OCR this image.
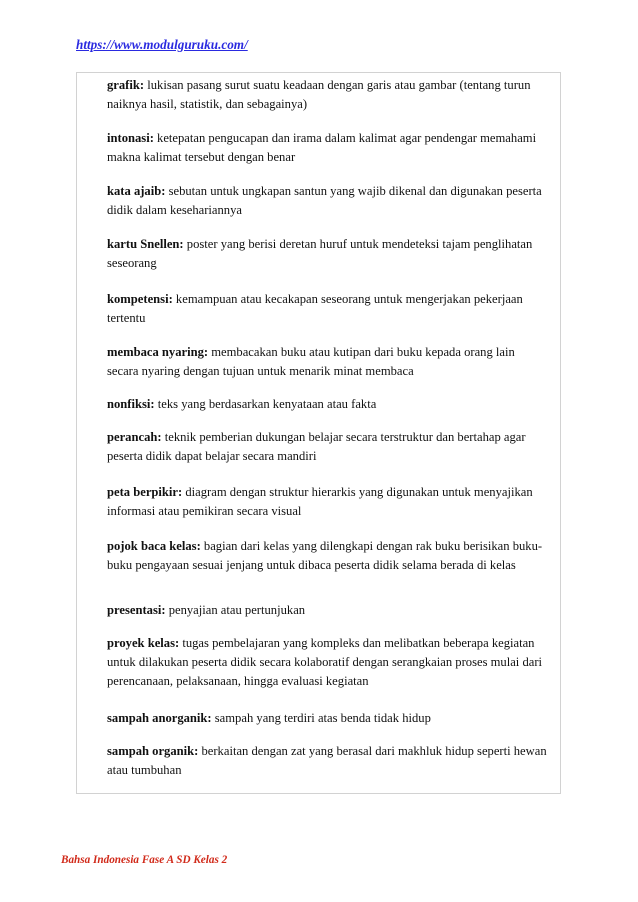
https://www.modulguruku.com/

grafik: lukisan pasang surut suatu keadaan dengan garis atau gambar (tentang turun naiknya hasil, statistik, dan sebagainya)

intonasi: ketepatan pengucapan dan irama dalam kalimat agar pendengar memahami makna kalimat tersebut dengan benar

kata ajaib: sebutan untuk ungkapan santun yang wajib dikenal dan digunakan peserta didik dalam kesehariannya

kartu Snellen: poster yang berisi deretan huruf untuk mendeteksi tajam penglihatan seseorang

kompetensi: kemampuan atau kecakapan seseorang untuk mengerjakan pekerjaan tertentu

membaca nyaring: membacakan buku atau kutipan dari buku kepada orang lain secara nyaring dengan tujuan untuk menarik minat membaca

nonfiksi: teks yang berdasarkan kenyataan atau fakta

perancah: teknik pemberian dukungan belajar secara terstruktur dan bertahap agar peserta didik dapat belajar secara mandiri

peta berpikir: diagram dengan struktur hierarkis yang digunakan untuk menyajikan informasi atau pemikiran secara visual

pojok baca kelas: bagian dari kelas yang dilengkapi dengan rak buku berisikan buku-buku pengayaan sesuai jenjang untuk dibaca peserta didik selama berada di kelas

presentasi: penyajian atau pertunjukan

proyek kelas: tugas pembelajaran yang kompleks dan melibatkan beberapa kegiatan untuk dilakukan peserta didik secara kolaboratif dengan serangkaian proses mulai dari perencanaan, pelaksanaan, hingga evaluasi kegiatan

sampah anorganik: sampah yang terdiri atas benda tidak hidup

sampah organik: berkaitan dengan zat yang berasal dari makhluk hidup seperti hewan atau tumbuhan

Bahsa Indonesia Fase A SD Kelas 2
